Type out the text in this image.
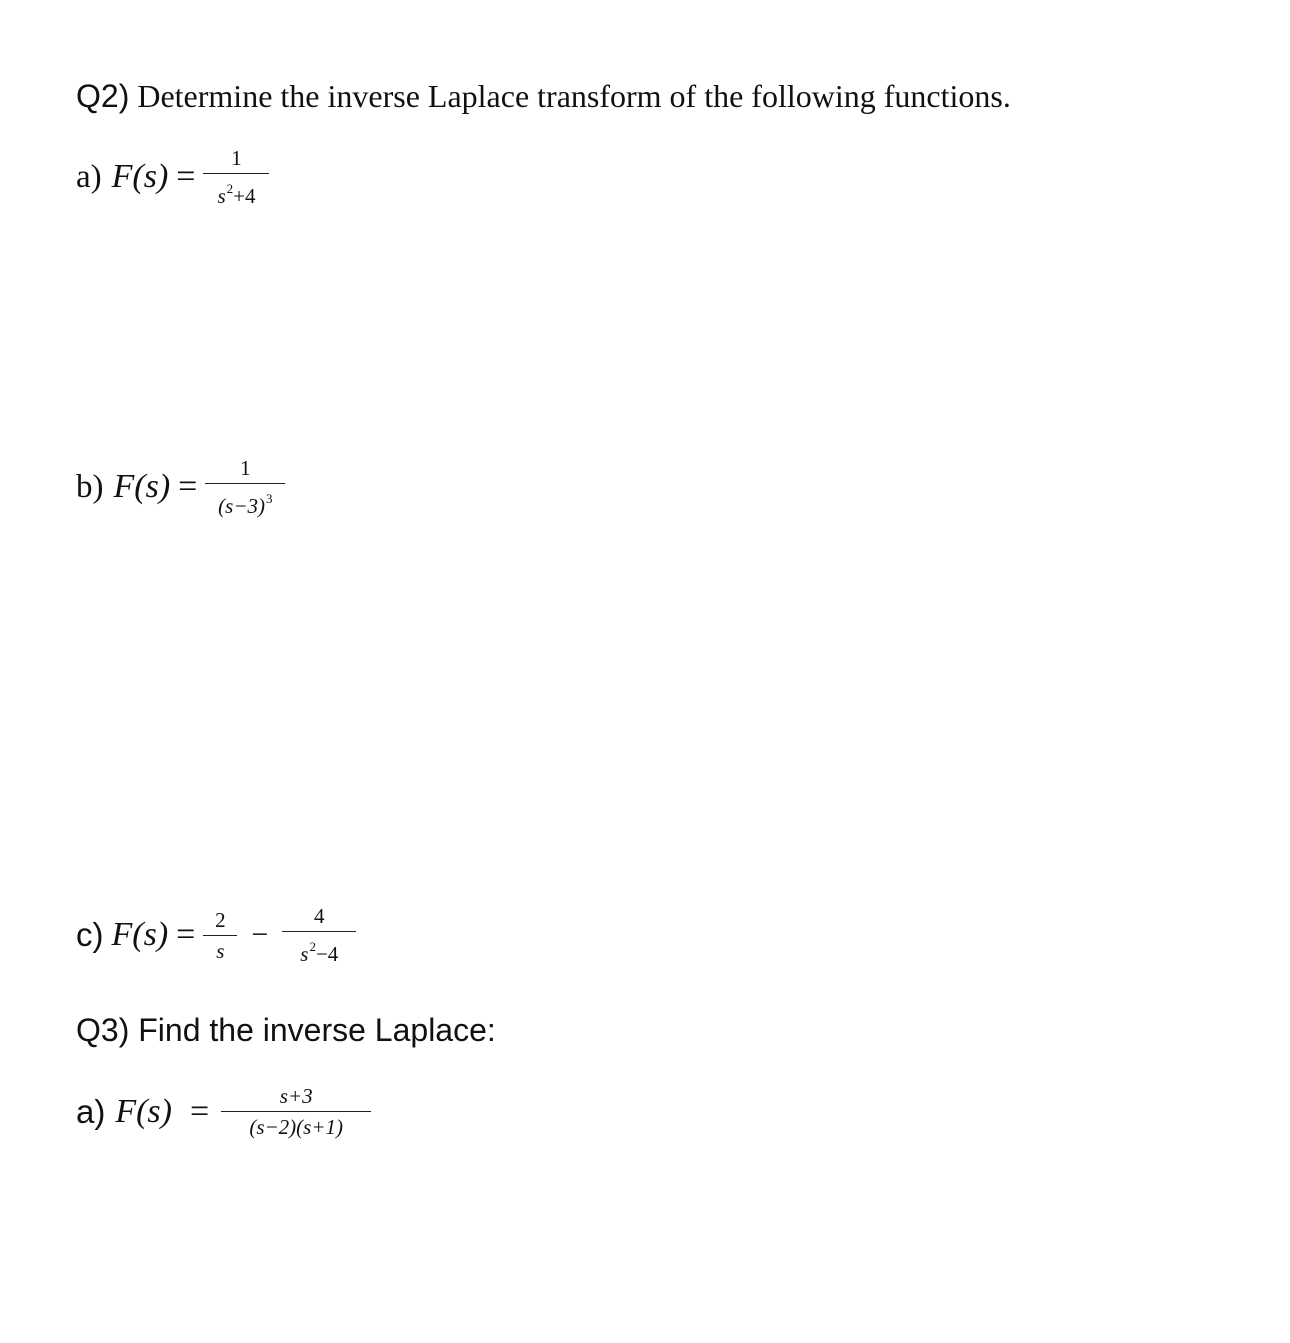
Q2) Determine the inverse Laplace transform of the following functions.
a) $F(s) = \frac{1}{s^2+4}$
b) $F(s) = \frac{1}{(s-3)^3}$
c) $F(s) = \frac{2}{s} - \frac{4}{s^2-4}$
Q3) Find the inverse Laplace:
a) $F(s) = \frac{s+3}{(s-2)(s+1)}$
